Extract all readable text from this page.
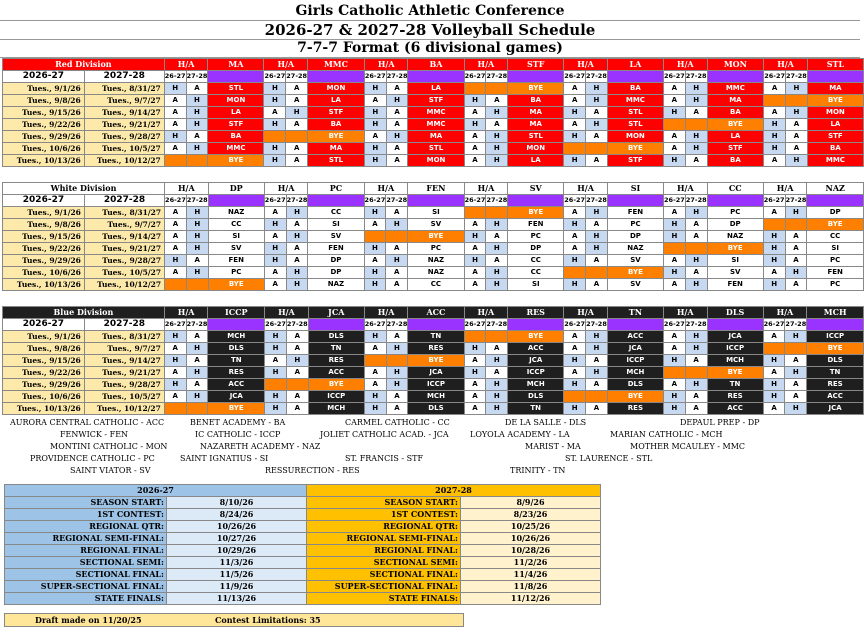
Girls Catholic Athletic Conference
2026-27 & 2027-28 Volleyball Schedule
7-7-7 Format (6 divisional games)
Red Division		H/A		MA	H/A		MMC	H/A		BA	H/A		STF	H/A		LA	H/A		MON	H/A		STL
2026-27	2027-28	26-27	27-28		26-27	27-28		26-27	27-28		26-27	27-28		26-27	27-28		26-27	27-28		26-27	27-28	
Tues., 9/1/26	Tues., 8/31/27	H	A	STL	H	A	MON	H	A	LA			BYE	A	H	BA	A	H	MMC	A	H	MA
Tues., 9/8/26	Tues., 9/7/27	A	H	MON	H	A	LA	A	H	STF	H	A	BA	A	H	MMC	A	H	MA			BYE
Tues., 9/15/26	Tues., 9/14/27	A	H	LA	A	H	STF	H	A	MMC	A	H	MA	H	A	STL	H	A	BA	A	H	MON
Tues., 9/22/26	Tues., 9/21/27	A	H	STF	H	A	BA	H	A	MMC	H	A	MA	A	H	STL			BYE	H	A	LA
Tues., 9/29/26	Tues., 9/28/27	H	A	BA			BYE	A	H	MA	A	H	STL	H	A	MON	A	H	LA	H	A	STF
Tues., 10/6/26	Tues., 10/5/27	A	H	MMC	H	A	MA	H	A	STL	A	H	MON			BYE	A	H	STF	H	A	BA
Tues., 10/13/26	Tues., 10/12/27			BYE	H	A	STL	H	A	MON	A	H	LA	H	A	STF	H	A	BA	A	H	MMC
White Division		H/A		DP	H/A		PC	H/A		FEN	H/A		SV	H/A		SI	H/A		CC	H/A		NAZ
2026-27	2027-28	26-27	27-28		26-27	27-28		26-27	27-28		26-27	27-28		26-27	27-28		26-27	27-28		26-27	27-28	
Tues., 9/1/26	Tues., 8/31/27	A	H	NAZ	A	H	CC	H	A	SI			BYE	A	H	FEN	A	H	PC	A	H	DP
Tues., 9/8/26	Tues., 9/7/27	A	H	CC	H	A	SI	A	H	SV	A	H	FEN	H	A	PC	H	A	DP			BYE
Tues., 9/15/26	Tues., 9/14/27	A	H	SI	A	H	SV			BYE	H	A	PC	A	H	DP	H	A	NAZ	H	A	CC
Tues., 9/22/26	Tues., 9/21/27	A	H	SV	H	A	FEN	H	A	PC	A	H	DP	A	H	NAZ			BYE	H	A	SI
Tues., 9/29/26	Tues., 9/28/27	H	A	FEN	H	A	DP	A	H	NAZ	H	A	CC	H	A	SV	A	H	SI	H	A	PC
Tues., 10/6/26	Tues., 10/5/27	A	H	PC	A	H	DP	H	A	NAZ	A	H	CC			BYE	H	A	SV	A	H	FEN
Tues., 10/13/26	Tues., 10/12/27			BYE	A	H	NAZ	H	A	CC	A	H	SI	H	A	SV	A	H	FEN	H	A	PC
Blue Division		H/A		ICCP	H/A		JCA	H/A		ACC	H/A		RES	H/A		TN	H/A		DLS	H/A		MCH
2026-27	2027-28	26-27	27-28		26-27	27-28		26-27	27-28		26-27	27-28		26-27	27-28		26-27	27-28		26-27	27-28	
Tues., 9/1/26	Tues., 8/31/27	H	A	MCH	H	A	DLS	H	A	TN			BYE	A	H	ACC	A	H	JCA	A	H	ICCP
Tues., 9/8/26	Tues., 9/7/27	A	H	DLS	H	A	TN	A	H	RES	H	A	ACC	A	H	JCA	A	H	ICCP			BYE
Tues., 9/15/26	Tues., 9/14/27	H	A	TN	A	H	RES			BYE	A	H	JCA	H	A	ICCP	H	A	MCH	H	A	DLS
Tues., 9/22/26	Tues., 9/21/27	A	H	RES	H	A	ACC	A	H	JCA	H	A	ICCP	A	H	MCH			BYE	A	H	TN
Tues., 9/29/26	Tues., 9/28/27	H	A	ACC			BYE	A	H	ICCP	A	H	MCH	H	A	DLS	A	H	TN	H	A	RES
Tues., 10/6/26	Tues., 10/5/27	A	H	JCA	H	A	ICCP	H	A	MCH	A	H	DLS			BYE	H	A	RES	H	A	ACC
Tues., 10/13/26	Tues., 10/12/27			BYE	H	A	MCH	H	A	DLS	A	H	TN	H	A	RES	H	A	ACC	A	H	JCA
AURORA CENTRAL CATHOLIC - ACC	BENET ACADEMY - BA	CARMEL CATHOLIC - CC	DE LA SALLE - DLS	DEPAUL PREP - DP
FENWICK - FEN	IC CATHOLIC - ICCP	JOLIET CATHOLIC ACAD. - JCA	LOYOLA ACADEMY - LA	MARIAN CATHOLIC - MCH
MONTINI CATHOLIC - MON	NAZARETH ACADEMY - NAZ	MARIST - MA	MOTHER MCAULEY - MMC
PROVIDENCE CATHOLIC - PC	SAINT IGNATIUS - SI	ST. FRANCIS - STF	ST. LAURENCE - STL
SAINT VIATOR - SV	RESSURECTION - RES	TRINITY - TN
2026-27		2027-28	
SEASON START:	8/10/26	SEASON START:	8/9/26
1ST CONTEST:	8/24/26	1ST CONTEST:	8/23/26
REGIONAL QTR:	10/26/26	REGIONAL QTR:	10/25/26
REGIONAL SEMI-FINAL:	10/27/26	REGIONAL SEMI-FINAL:	10/26/26
REGIONAL FINAL:	10/29/26	REGIONAL FINAL:	10/28/26
SECTIONAL SEMI:	11/3/26	SECTIONAL SEMI:	11/2/26
SECTIONAL FINAL:	11/5/26	SECTIONAL FINAL:	11/4/26
SUPER-SECTIONAL FINAL:	11/9/26	SUPER-SECTIONAL FINAL:	11/8/26
STATE FINALS:	11/13/26	STATE FINALS:	11/12/26
Draft made on 11/20/25	Contest Limitations: 35
